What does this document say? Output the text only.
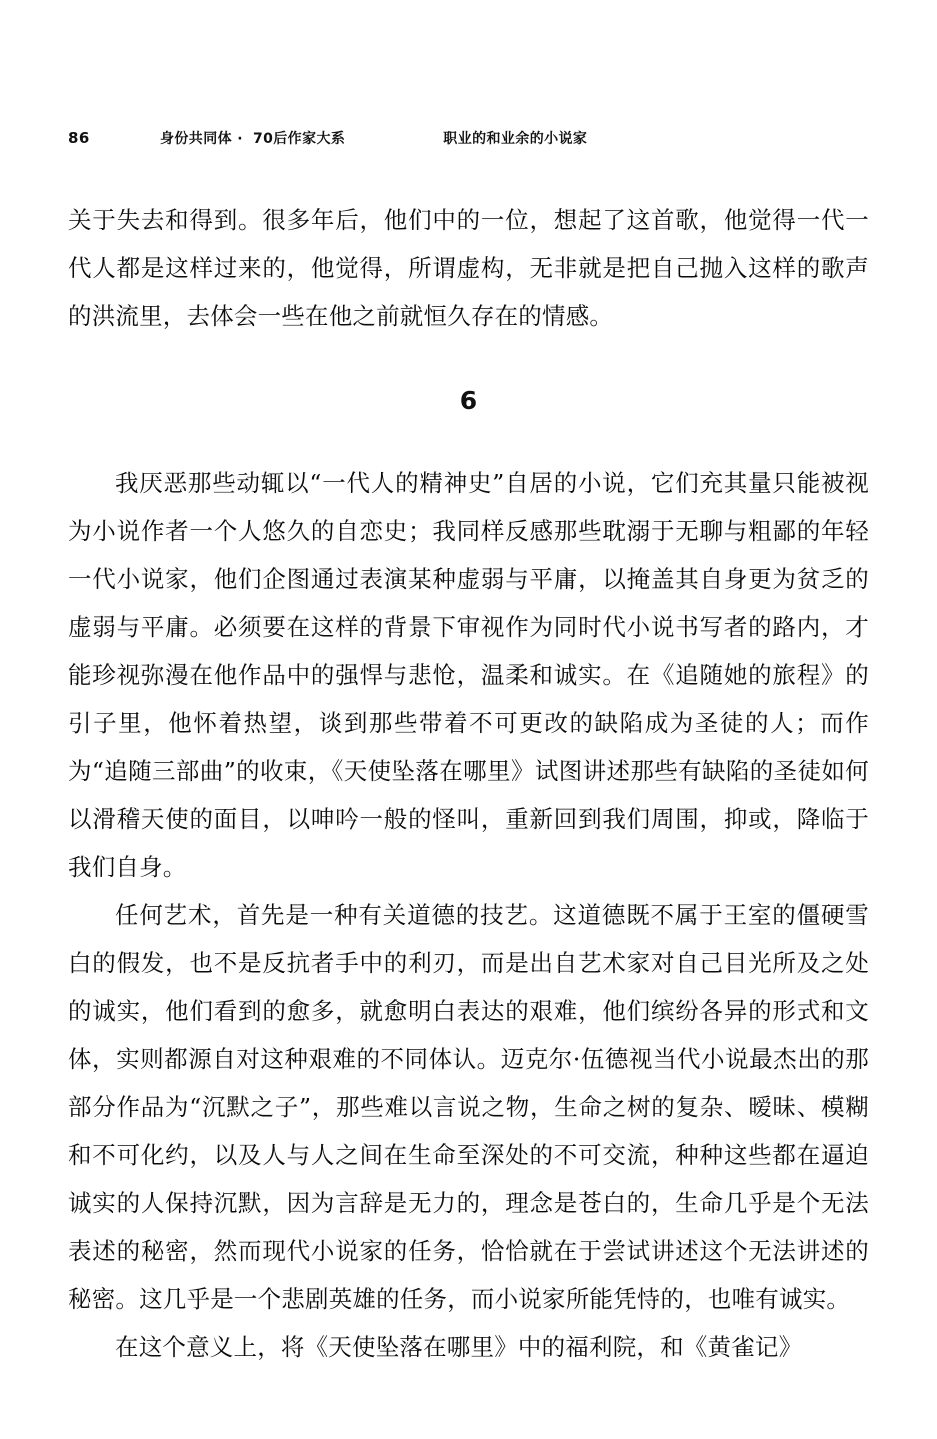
86	身份共同体 · 70后作家大系	职业的和业余的小说家

关于失去和得到。很多年后，他们中的一位，想起了这首歌，他觉得一代一代人都是这样过来的，他觉得，所谓虚构，无非就是把自己抛入这样的歌声的洪流里，去体会一些在他之前就恒久存在的情感。

6

我厌恶那些动辄以“一代人的精神史”自居的小说，它们充其量只能被视为小说作者一个人悠久的自恋史；我同样反感那些耽溺于无聊与粗鄙的年轻一代小说家，他们企图通过表演某种虚弱与平庸，以掩盖其自身更为贫乏的虚弱与平庸。必须要在这样的背景下审视作为同时代小说书写者的路内，才能珍视弥漫在他作品中的强悍与悲怆，温柔和诚实。在《追随她的旅程》的引子里，他怀着热望，谈到那些带着不可更改的缺陷成为圣徒的人；而作为“追随三部曲”的收束，《天使坠落在哪里》试图讲述那些有缺陷的圣徒如何以滑稽天使的面目，以呻吟一般的怪叫，重新回到我们周围，抑或，降临于我们自身。

任何艺术，首先是一种有关道德的技艺。这道德既不属于王室的僵硬雪白的假发，也不是反抗者手中的利刃，而是出自艺术家对自己目光所及之处的诚实，他们看到的愈多，就愈明白表达的艰难，他们缤纷各异的形式和文体，实则都源自对这种艰难的不同体认。迈克尔·伍德视当代小说最杰出的那部分作品为“沉默之子”，那些难以言说之物，生命之树的复杂、暧昧、模糊和不可化约，以及人与人之间在生命至深处的不可交流，种种这些都在逼迫诚实的人保持沉默，因为言辞是无力的，理念是苍白的，生命几乎是个无法表述的秘密，然而现代小说家的任务，恰恰就在于尝试讲述这个无法讲述的秘密。这几乎是一个悲剧英雄的任务，而小说家所能凭恃的，也唯有诚实。

在这个意义上，将《天使坠落在哪里》中的福利院，和《黄雀记》
